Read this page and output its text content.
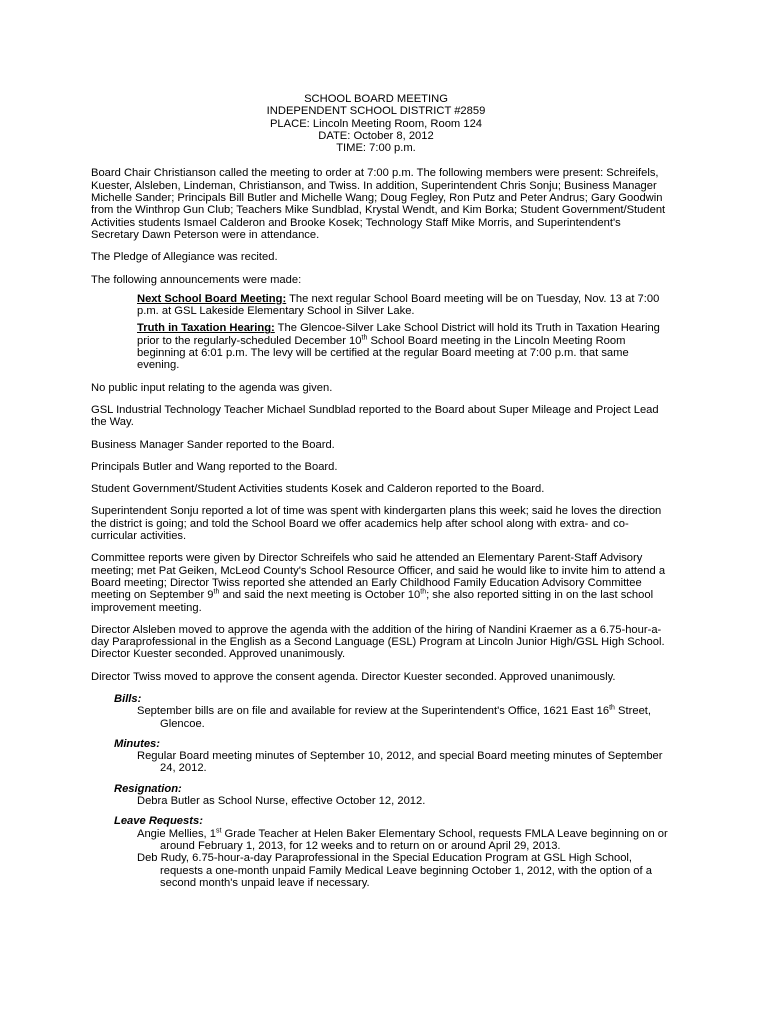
SCHOOL BOARD MEETING
INDEPENDENT SCHOOL DISTRICT #2859
PLACE: Lincoln Meeting Room, Room 124
DATE: October 8, 2012
TIME: 7:00 p.m.

Board Chair Christianson called the meeting to order at 7:00 p.m. The following members were present: Schreifels, Kuester, Alsleben, Lindeman, Christianson, and Twiss. In addition, Superintendent Chris Sonju; Business Manager Michelle Sander; Principals Bill Butler and Michelle Wang; Doug Fegley, Ron Putz and Peter Andrus; Gary Goodwin from the Winthrop Gun Club; Teachers Mike Sundblad, Krystal Wendt, and Kim Borka; Student Government/Student Activities students Ismael Calderon and Brooke Kosek; Technology Staff Mike Morris, and Superintendent's Secretary Dawn Peterson were in attendance.

The Pledge of Allegiance was recited.

The following announcements were made:

Next School Board Meeting: The next regular School Board meeting will be on Tuesday, Nov. 13 at 7:00 p.m. at GSL Lakeside Elementary School in Silver Lake.
Truth in Taxation Hearing: The Glencoe-Silver Lake School District will hold its Truth in Taxation Hearing prior to the regularly-scheduled December 10th School Board meeting in the Lincoln Meeting Room beginning at 6:01 p.m. The levy will be certified at the regular Board meeting at 7:00 p.m. that same evening.

No public input relating to the agenda was given.

GSL Industrial Technology Teacher Michael Sundblad reported to the Board about Super Mileage and Project Lead the Way.

Business Manager Sander reported to the Board.

Principals Butler and Wang reported to the Board.

Student Government/Student Activities students Kosek and Calderon reported to the Board.

Superintendent Sonju reported a lot of time was spent with kindergarten plans this week; said he loves the direction the district is going; and told the School Board we offer academics help after school along with extra- and co-curricular activities.

Committee reports were given by Director Schreifels who said he attended an Elementary Parent-Staff Advisory meeting; met Pat Geiken, McLeod County's School Resource Officer, and said he would like to invite him to attend a Board meeting; Director Twiss reported she attended an Early Childhood Family Education Advisory Committee meeting on September 9th and said the next meeting is October 10th; she also reported sitting in on the last school improvement meeting.

Director Alsleben moved to approve the agenda with the addition of the hiring of Nandini Kraemer as a 6.75-hour-a-day Paraprofessional in the English as a Second Language (ESL) Program at Lincoln Junior High/GSL High School. Director Kuester seconded. Approved unanimously.

Director Twiss moved to approve the consent agenda. Director Kuester seconded. Approved unanimously.

Bills:
September bills are on file and available for review at the Superintendent's Office, 1621 East 16th Street, Glencoe.
Minutes:
Regular Board meeting minutes of September 10, 2012, and special Board meeting minutes of September 24, 2012.
Resignation:
Debra Butler as School Nurse, effective October 12, 2012.
Leave Requests:
Angie Mellies, 1st Grade Teacher at Helen Baker Elementary School, requests FMLA Leave beginning on or around February 1, 2013, for 12 weeks and to return on or around April 29, 2013.
Deb Rudy, 6.75-hour-a-day Paraprofessional in the Special Education Program at GSL High School, requests a one-month unpaid Family Medical Leave beginning October 1, 2012, with the option of a second month's unpaid leave if necessary.
